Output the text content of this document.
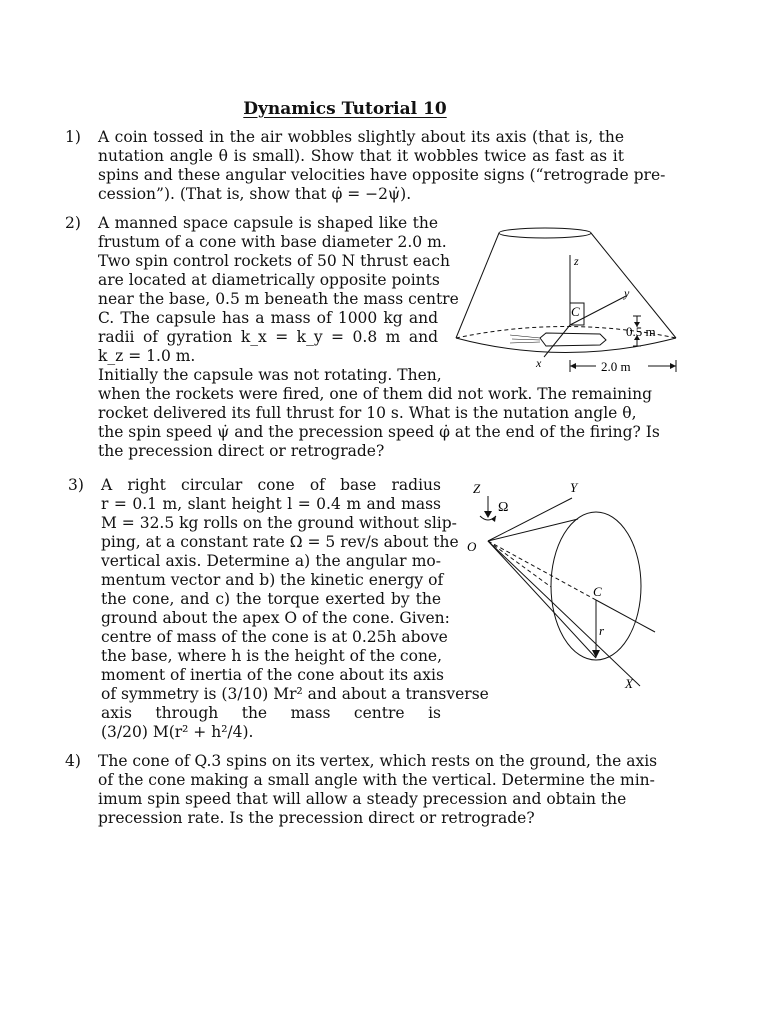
Dynamics Tutorial 10
1) A coin tossed in the air wobbles slightly about its axis (that is, the
nutation angle θ is small). Show that it wobbles twice as fast as it
spins and these angular velocities have opposite signs (“retrograde pre-
cession”). (That is, show that φ̇ = −2ψ̇).
2) A manned space capsule is shaped like the
frustum of a cone with base diameter 2.0 m.
Two spin control rockets of 50 N thrust each
are located at diametrically opposite points
near the base, 0.5 m beneath the mass centre
C. The capsule has a mass of 1000 kg and
radii of gyration k_x = k_y = 0.8 m and
k_z = 1.0 m.
Initially the capsule was not rotating. Then,
when the rockets were fired, one of them did not work. The remaining
rocket delivered its full thrust for 10 s. What is the nutation angle θ,
the spin speed ψ̇ and the precession speed φ̇ at the end of the firing? Is
the precession direct or retrograde?
z
y
C
x
0.5 m
2.0 m
3) A right circular cone of base radius
r = 0.1 m, slant height l = 0.4 m and mass
M = 32.5 kg rolls on the ground without slip-
ping, at a constant rate Ω = 5 rev/s about the
vertical axis. Determine a) the angular mo-
mentum vector and b) the kinetic energy of
the cone, and c) the torque exerted by the
ground about the apex O of the cone. Given:
centre of mass of the cone is at 0.25h above
the base, where h is the height of the cone,
moment of inertia of the cone about its axis
of symmetry is (3/10) Mr² and about a transverse
axis through the mass centre is
(3/20) M(r² + h²/4).
Z
Ω
Y
O
C
r
X
4) The cone of Q.3 spins on its vertex, which rests on the ground, the axis
of the cone making a small angle with the vertical. Determine the min-
imum spin speed that will allow a steady precession and obtain the
precession rate. Is the precession direct or retrograde?
